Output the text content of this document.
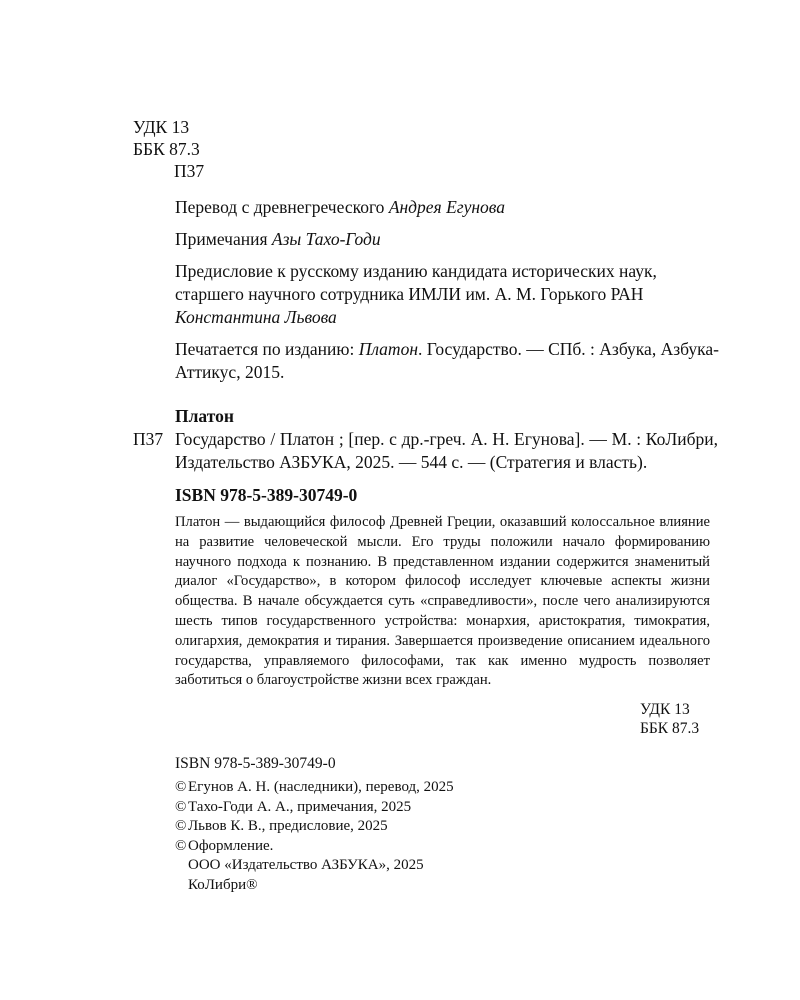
УДК 13
ББК 87.3
П37

Перевод с древнегреческого Андрея Егунова

Примечания Азы Тахо-Годи

Предисловие к русскому изданию кандидата исторических наук, старшего научного сотрудника ИМЛИ им. А. М. Горького РАН Константина Львова

Печатается по изданию: Платон. Государство. — СПб. : Азбука, Азбука-Аттикус, 2015.

Платон
П37 Государство / Платон ; [пер. с др.-греч. А. Н. Егунова]. — М. : КоЛибри, Издательство АЗБУКА, 2025. — 544 с. — (Стратегия и власть).
ISBN 978-5-389-30749-0

Платон — выдающийся философ Древней Греции, оказавший колоссальное влияние на развитие человеческой мысли. Его труды положили начало формированию научного подхода к познанию. В представленном издании содержится знаменитый диалог «Государство», в котором философ исследует ключевые аспекты жизни общества. В начале обсуждается суть «справедливости», после чего анализируются шесть типов государственного устройства: монархия, аристократия, тимократия, олигархия, демократия и тирания. Завершается произведение описанием идеального государства, управляемого философами, так как именно мудрость позволяет заботиться о благоустройстве жизни всех граждан.

УДК 13
ББК 87.3
ISBN 978-5-389-30749-0
© Егунов А. Н. (наследники), перевод, 2025
© Тахо-Годи А. А., примечания, 2025
© Львов К. В., предисловие, 2025
© Оформление.
ООО «Издательство АЗБУКА», 2025
КоЛибри®
